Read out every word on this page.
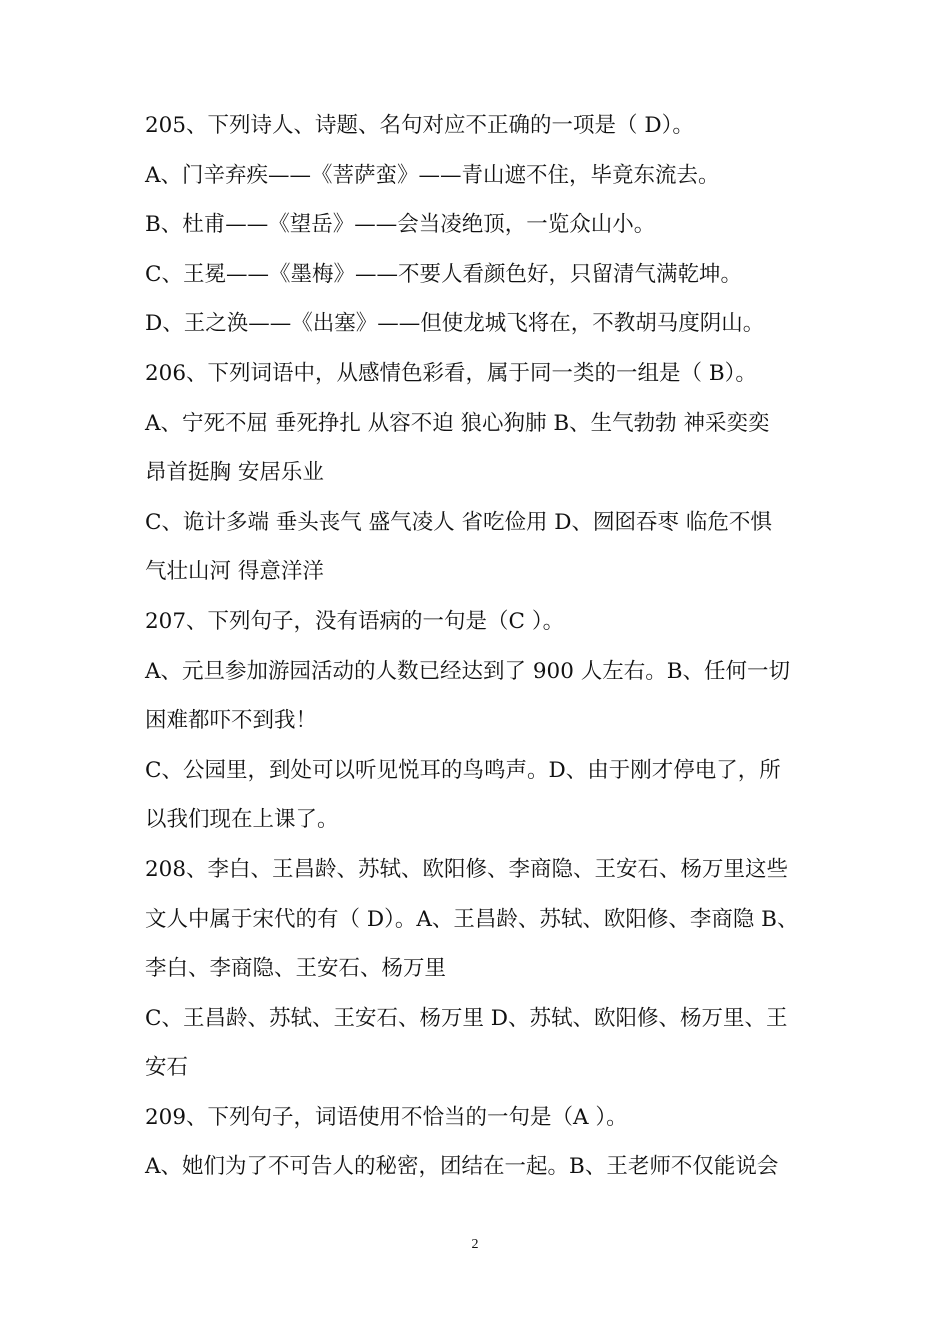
205、下列诗人、诗题、名句对应不正确的一项是（ D）。
A、门辛弃疾——《菩萨蛮》——青山遮不住，毕竟东流去。
B、杜甫——《望岳》——会当凌绝顶，一览众山小。
C、王冕——《墨梅》——不要人看颜色好，只留清气满乾坤。
D、王之涣——《出塞》——但使龙城飞将在，不教胡马度阴山。
206、下列词语中，从感情色彩看，属于同一类的一组是（ B）。
A、宁死不屈 垂死挣扎 从容不迫 狼心狗肺 B、生气勃勃 神采奕奕
昂首挺胸 安居乐业
C、诡计多端 垂头丧气 盛气凌人 省吃俭用 D、囫囵吞枣 临危不惧
气壮山河 得意洋洋
207、下列句子，没有语病的一句是（C ）。
A、元旦参加游园活动的人数已经达到了 900 人左右。B、任何一切
困难都吓不到我！
C、公园里，到处可以听见悦耳的鸟鸣声。D、由于刚才停电了，所
以我们现在上课了。
208、李白、王昌龄、苏轼、欧阳修、李商隐、王安石、杨万里这些
文人中属于宋代的有（ D）。A、王昌龄、苏轼、欧阳修、李商隐 B、
李白、李商隐、王安石、杨万里
C、王昌龄、苏轼、王安石、杨万里 D、苏轼、欧阳修、杨万里、王
安石
209、下列句子，词语使用不恰当的一句是（A ）。
A、她们为了不可告人的秘密，团结在一起。B、王老师不仅能说会
2
